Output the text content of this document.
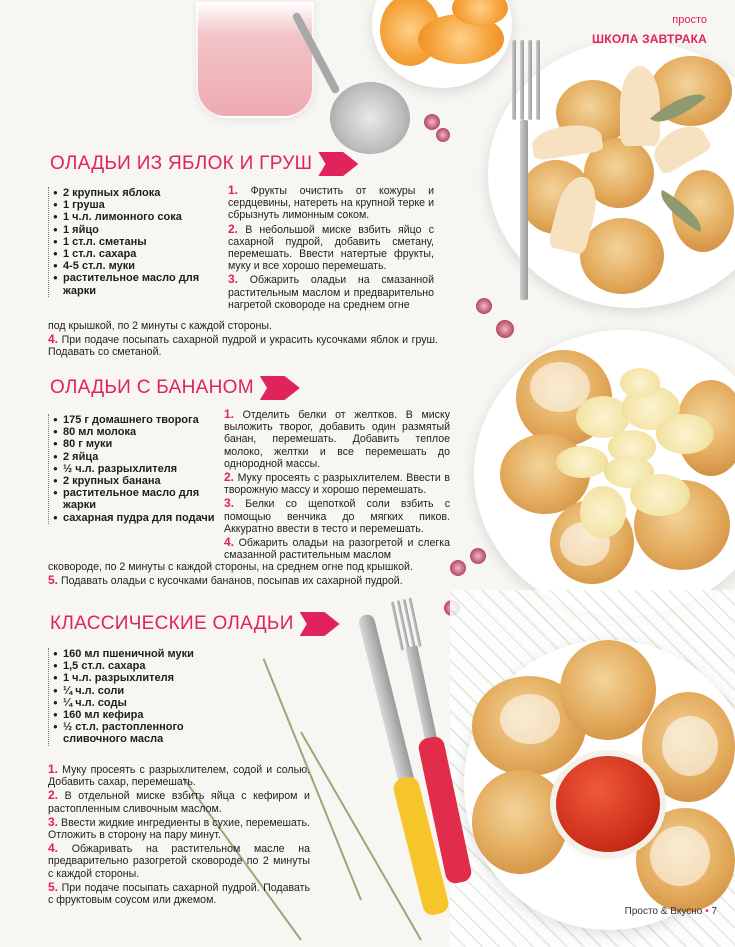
просто
ШКОЛА ЗАВТРАКА
ОЛАДЬИ ИЗ ЯБЛОК И ГРУШ
● 2 крупных яблока
● 1 груша
● 1 ч.л. лимонного сока
● 1 яйцо
● 1 ст.л. сметаны
● 1 ст.л. сахара
● 4-5 ст.л. муки
● растительное масло для жарки

1. Фрукты очистить от кожуры и сердцевины, натереть на крупной терке и сбрызнуть лимонным соком.

2. В небольшой миске взбить яйцо с сахарной пудрой, добавить сметану, перемешать. Ввести натертые фрукты, муку и все хорошо перемешать.

3. Обжарить оладьи на смазанной растительным маслом и предварительно нагретой сковороде на среднем огне

под крышкой, по 2 минуты с каждой стороны.

4. При подаче посыпать сахарной пудрой и украсить кусочками яблок и груш. Подавать со сметаной.

ОЛАДЬИ С БАНАНОМ
● 175 г домашнего творога
● 80 мл молока
● 80 г муки
● 2 яйца
● ½ ч.л. разрыхлителя
● 2 крупных банана
● растительное масло для жарки
● сахарная пудра для подачи

1. Отделить белки от желтков. В миску выложить творог, добавить один размятый банан, перемешать. Добавить теплое молоко, желтки и все перемешать до однородной массы.

2. Муку просеять с разрыхлителем. Ввести в творожную массу и хорошо перемешать.

3. Белки со щепоткой соли взбить с помощью венчика до мягких пиков. Аккуратно ввести в тесто и перемешать.

4. Обжарить оладьи на разогретой и слегка смазанной растительным маслом

сковороде, по 2 минуты с каждой стороны, на среднем огне под крышкой.

5. Подавать оладьи с кусочками бананов, посыпав их сахарной пудрой.

КЛАССИЧЕСКИЕ ОЛАДЬИ
● 160 мл пшеничной муки
● 1,5 ст.л. сахара
● 1 ч.л. разрыхлителя
● ¼ ч.л. соли
● ¼ ч.л. соды
● 160 мл кефира
● ½ ст.л. растопленного сливочного масла

1. Муку просеять с разрыхлителем, содой и солью. Добавить сахар, перемешать.

2. В отдельной миске взбить яйца с кефиром и растопленным сливочным маслом.

3. Ввести жидкие ингредиенты в сухие, перемешать. Отложить в сторону на пару минут.

4. Обжаривать на растительном масле на предварительно разогретой сковороде по 2 минуты с каждой стороны.

5. При подаче посыпать сахарной пудрой. Подавать с фруктовым соусом или джемом.

Просто & Вкусно • 7
